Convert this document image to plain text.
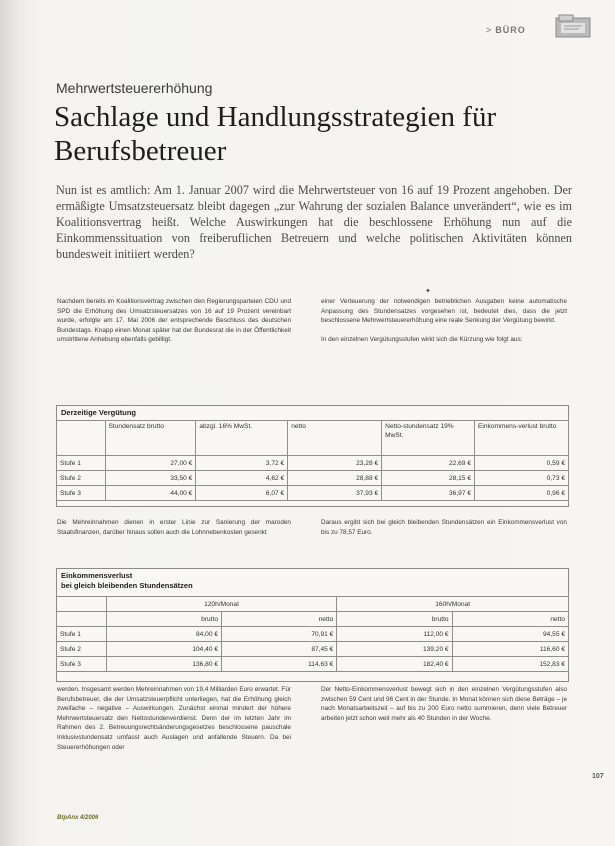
> BÜRO
Mehrwertsteuererhöhung
Sachlage und Handlungsstrategien für Berufsbetreuer
Nun ist es amtlich: Am 1. Januar 2007 wird die Mehrwertsteuer von 16 auf 19 Prozent angehoben. Der ermäßigte Umsatzsteuersatz bleibt dagegen „zur Wahrung der sozialen Balance unverändert“, wie es im Koalitionsvertrag heißt. Welche Auswirkungen hat die beschlossene Erhöhung nun auf die Einkommenssituation von freiberuflichen Betreuern und welche politischen Aktivitäten können bundesweit initiiert werden?
✦

Nachdem bereits im Koalitionsvertrag zwischen den Regierungsparteien CDU und SPD die Erhöhung des Umsatzsteuersatzes von 16 auf 19 Prozent vereinbart wurde, erfolgte am 17. Mai 2006 der entsprechende Beschluss des deutschen Bundestags. Knapp einen Monat später hat der Bundesrat die in der Öffentlichkeit umstrittene Anhebung ebenfalls gebilligt.

einer Verteuerung der notwendigen betrieblichen Ausgaben keine automatische Anpassung des Stundensatzes vorgesehen ist, bedeutet dies, dass die jetzt beschlossene Mehrwertsteuererhöhung eine reale Senkung der Vergütung bewirkt.

In den einzelnen Vergütungsstufen wirkt sich die Kürzung wie folgt aus:

Derzeitige Vergütung
	Stundensatz brutto	abzgl. 16% MwSt.	netto	Netto-stundensatz 19% MwSt.	Einkommens-verlust brutto
Stufe 1	27,00 €	3,72 €	23,28 €	22,69 €	0,59 €
Stufe 2	33,50 €	4,62 €	28,88 €	28,15 €	0,73 €
Stufe 3	44,00 €	6,07 €	37,93 €	36,97 €	0,96 €

Die Mehreinnahmen dienen in erster Linie zur Sanierung der maroden Staatsfinanzen, darüber hinaus sollen auch die Lohnnebenkosten gesenkt

Daraus ergibt sich bei gleich bleibenden Stundensätzen ein Einkommensverlust von bis zu 78,57 Euro.

Einkommensverlust
bei gleich bleibenden Stundensätzen
	120h/Monat		160h/Monat	
	brutto	netto	brutto	netto
Stufe 1	84,00 €	70,91 €	112,00 €	94,55 €
Stufe 2	104,40 €	87,45 €	139,20 €	116,60 €
Stufe 3	136,80 €	114,63 €	182,40 €	152,83 €

werden. Insgesamt werden Mehreinnahmen von 19,4 Milliarden Euro erwartet. Für Berufsbetreuer, die der Umsatzsteuerpflicht unterliegen, hat die Erhöhung gleich zweifache – negative – Auswirkungen. Zunächst einmal mindert der höhere Mehrwertsteuersatz den Nettostundenverdienst. Denn der im letzten Jahr im Rahmen des 2. Betreuungsrechtsänderungsgesetzes beschlossene pauschale Inklusivstundensatz umfasst auch Auslagen und anfallende Steuern. Da bei Steuererhöhungen oder

Der Netto-Einkommensverlust bewegt sich in den einzelnen Vergütungsstufen also zwischen 59 Cent und 96 Cent in der Stunde. In Monat können sich diese Beträge – je nach Monatsarbeitszeit – auf bis zu 200 Euro netto summieren, denn viele Betreuer arbeiten jetzt schon weit mehr als 40 Stunden in der Woche.

107
BtpAnx 4/2006
